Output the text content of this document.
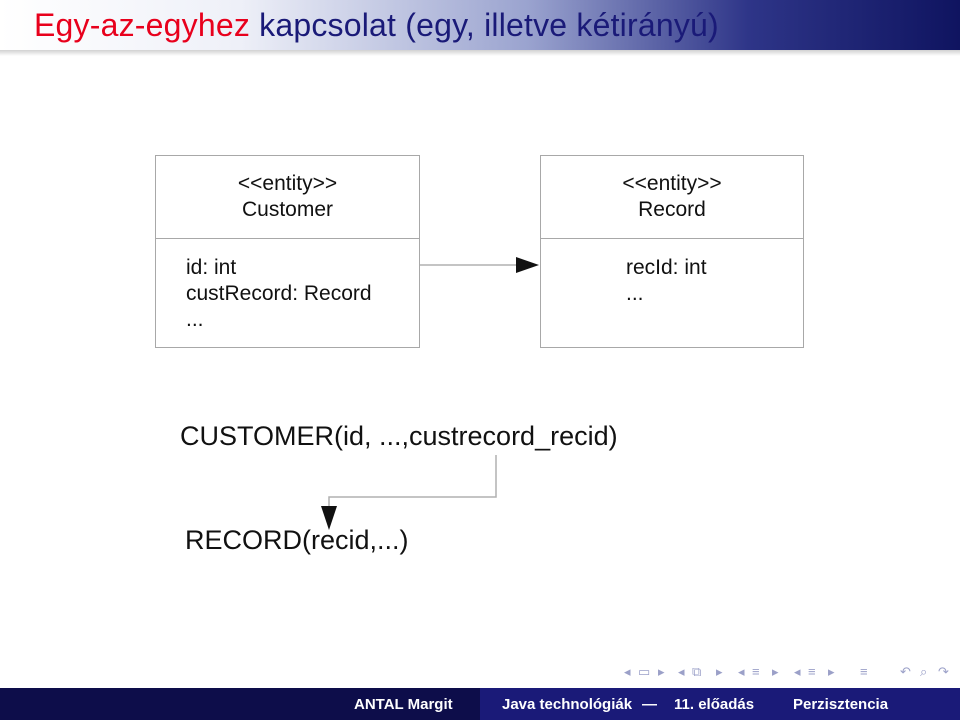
Egy-az-egyhez kapcsolat (egy, illetve kétirányú)
<<entity>>
Customer
id: int
custRecord: Record
...
<<entity>>
Record
recId: int
...
CUSTOMER(id, ...,custrecord_recid)
RECORD(recid,...)
◂ ▭ ▸ ◂ ⧉ ▸ ◂ ≡ ▸ ◂ ≡ ▸ ≡ ↶ ⌕ ↷
ANTAL Margit	Java technológiák — 11. előadás	Perzisztencia
